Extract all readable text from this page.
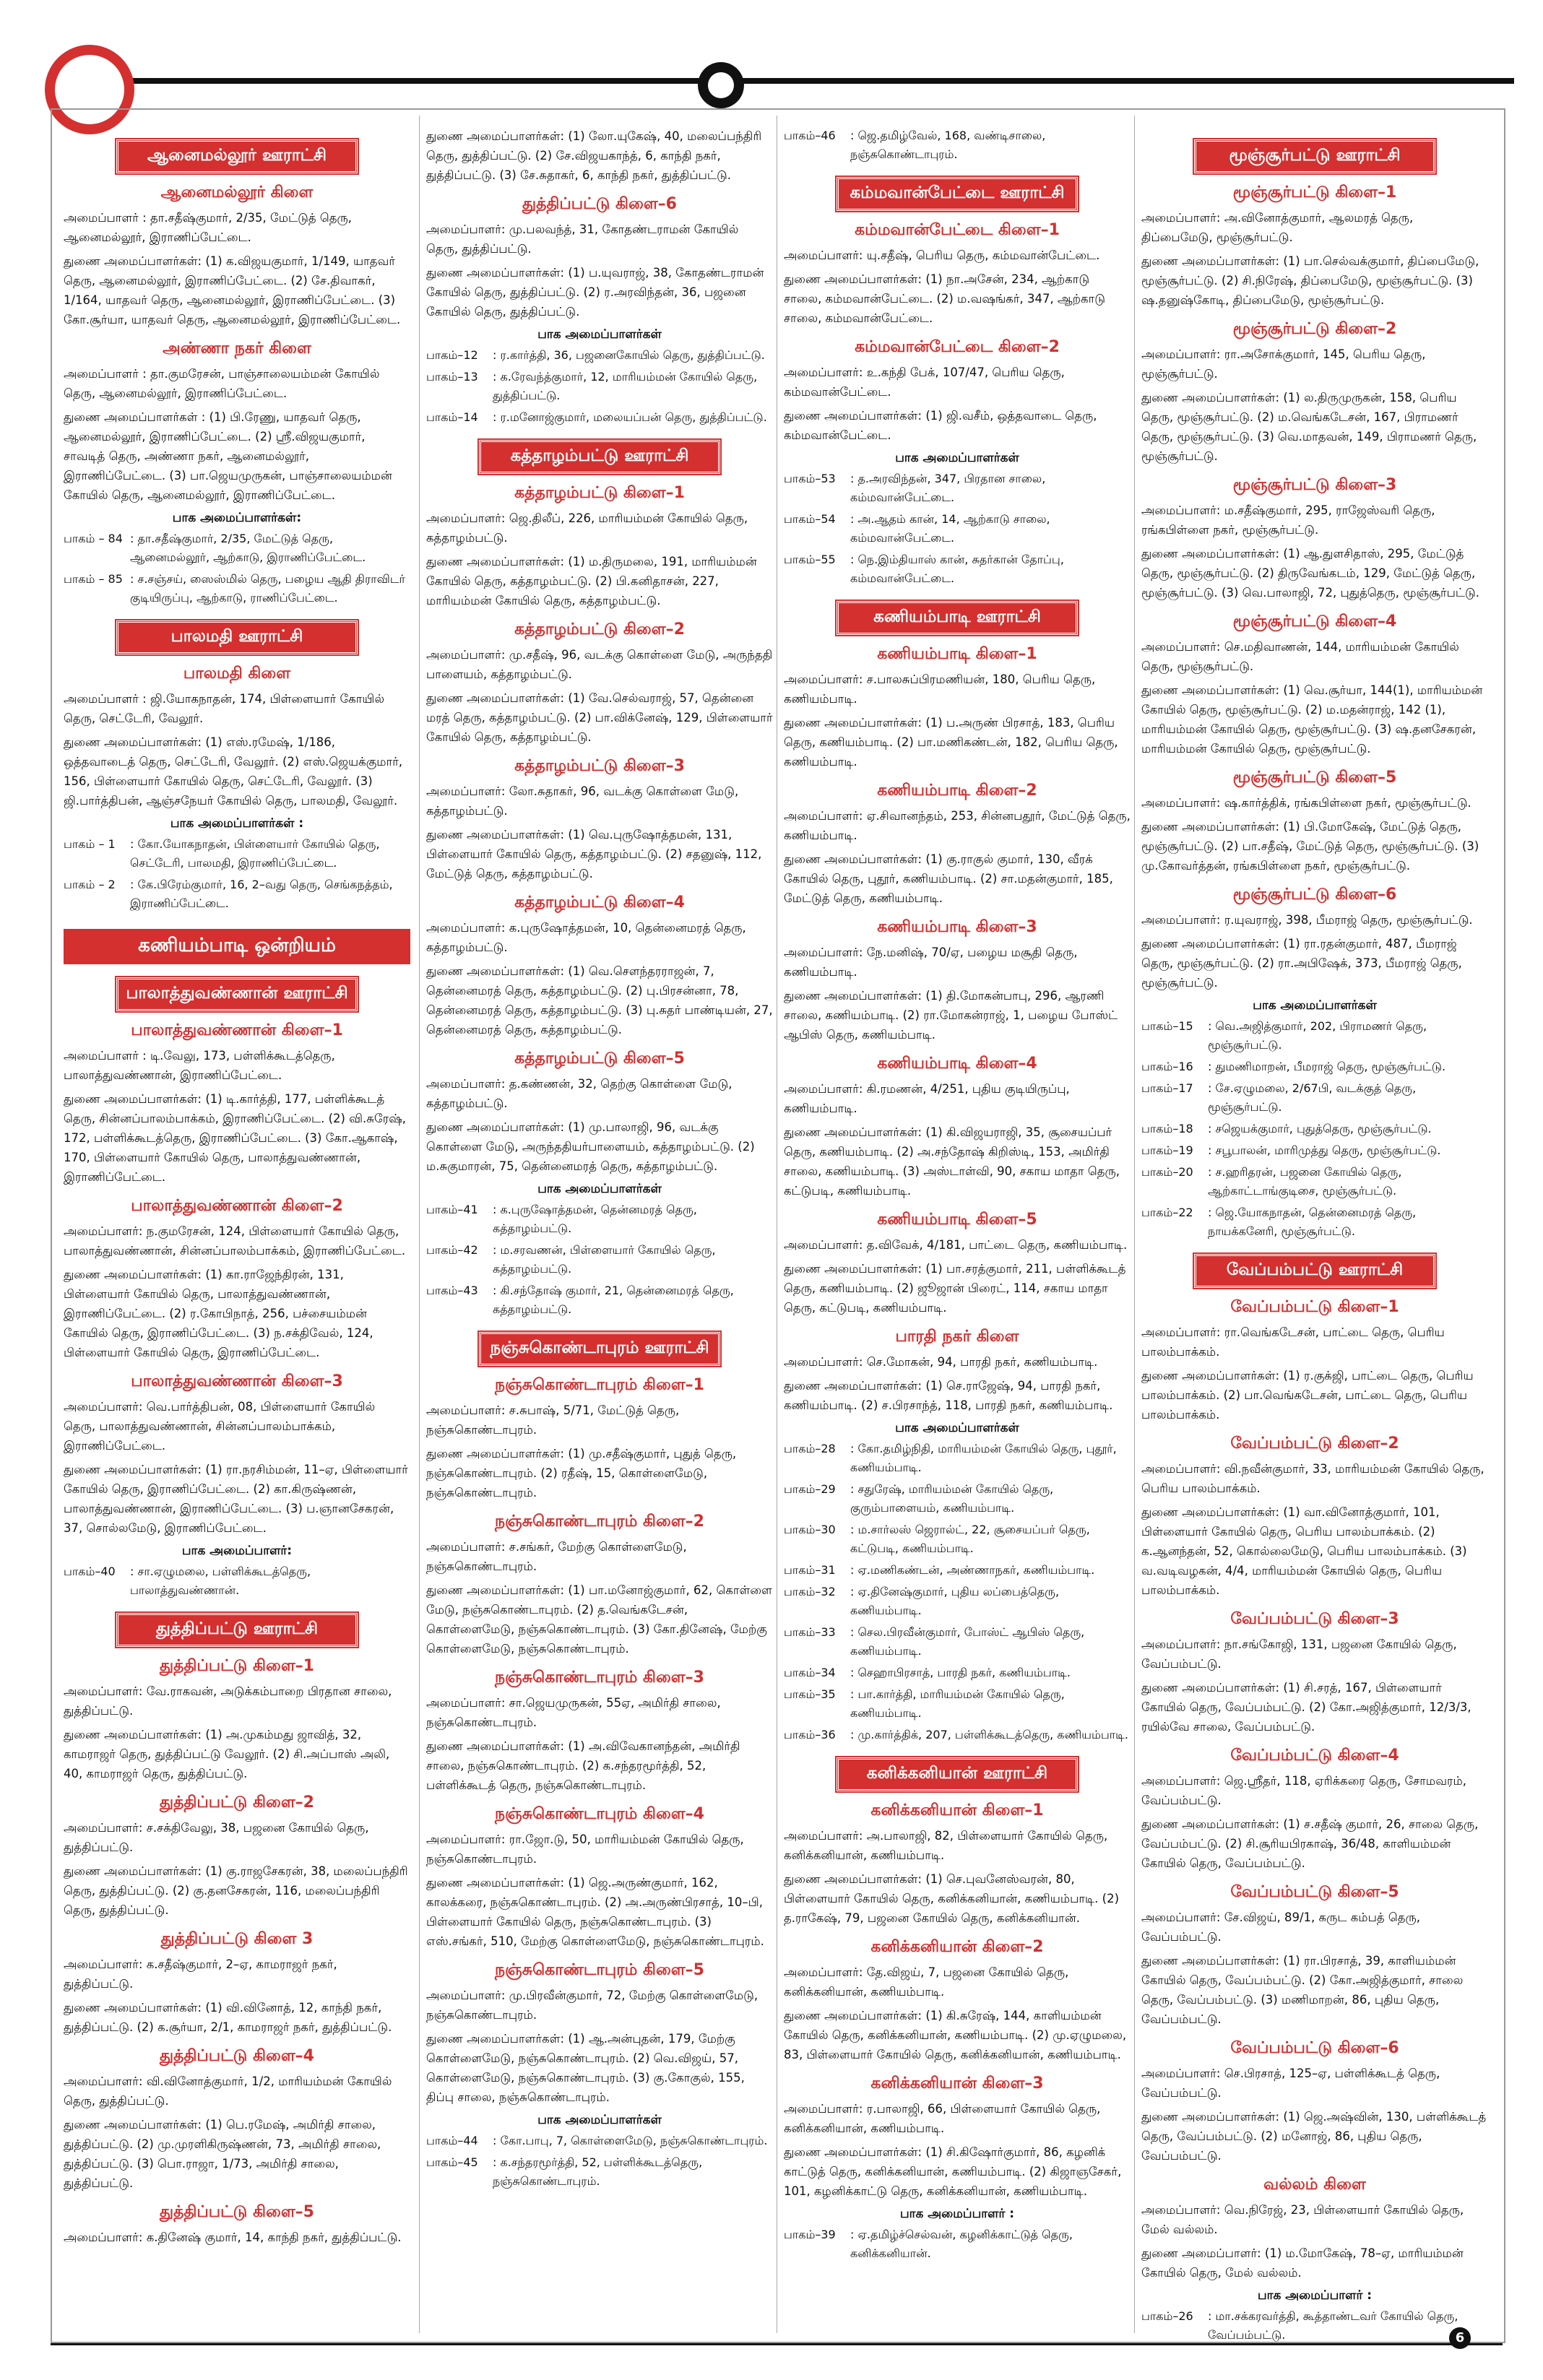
ஆனைமல்லூர் ஊராட்சி
ஆனைமல்லூர் கிளை

அமைப்பாளர் : தா.சதீஷ்குமார், 2/35, மேட்டுத் தெரு, ஆனைமல்லூர், இராணிப்பேட்டை.

துணை அமைப்பாளர்கள்: (1) க.விஜயகுமார், 1/149, யாதவர் தெரு, ஆனைமல்லூர், இராணிப்பேட்டை. (2) சே.திவாகர், 1/164, யாதவர் தெரு, ஆனைமல்லூர், இராணிப்பேட்டை. (3) கோ.சூர்யா, யாதவர் தெரு, ஆனைமல்லூர், இராணிப்பேட்டை.

அண்ணா நகர் கிளை

அமைப்பாளர் : தா.குமரேசன், பாஞ்சாலையம்மன் கோயில் தெரு, ஆனைமல்லூர், இராணிப்பேட்டை.

துணை அமைப்பாளர்கள் : (1) பி.ரேணு, யாதவர் தெரு, ஆனைமல்லூர், இராணிப்பேட்டை. (2) ஸ்ரீ.விஜயகுமார், சாவடித் தெரு, அண்ணா நகர், ஆனைமல்லூர், இராணிப்பேட்டை. (3) பா.ஜெயமுருகன், பாஞ்சாலையம்மன் கோயில் தெரு, ஆனைமல்லூர், இராணிப்பேட்டை.

பாக அமைப்பாளர்கள்:
பாகம் – 84 : தா.சதீஷ்குமார், 2/35, மேட்டுத் தெரு, ஆனைமல்லூர், ஆற்காடு, இராணிப்பேட்டை.
பாகம் – 85 : ச.சஞ்சய், ஸைஸ்மில் தெரு, பழைய ஆதி திராவிடர் குடியிருப்பு, ஆற்காடு, ராணிப்பேட்டை.
பாலமதி ஊராட்சி
பாலமதி கிளை

அமைப்பாளர் : ஜி.யோகநாதன், 174, பிள்ளையார் கோயில் தெரு, செட்டேரி, வேலூர்.

துணை அமைப்பாளர்கள்: (1) எஸ்.ரமேஷ், 1/186, ஒத்தவாடைத் தெரு, செட்டேரி, வேலூர். (2) எஸ்.ஜெயக்குமார், 156, பிள்ளையார் கோயில் தெரு, செட்டேரி, வேலூர். (3) ஜி.பார்த்திபன், ஆஞ்சநேயர் கோயில் தெரு, பாலமதி, வேலூர்.

பாக அமைப்பாளர்கள் :
பாகம் – 1	: கோ.யோகநாதன், பிள்ளையார் கோயில் தெரு, செட்டேரி, பாலமதி, இராணிப்பேட்டை.
பாகம் – 2	: கே.பிரேம்குமார், 16, 2–வது தெரு, செங்கநத்தம், இராணிப்பேட்டை.
கணியம்பாடி ஒன்றியம்
பாலாத்துவண்ணான் ஊராட்சி
பாலாத்துவண்ணான் கிளை–1

அமைப்பாளர் : டி.வேலு, 173, பள்ளிக்கூடத்தெரு, பாலாத்துவண்ணான், இராணிப்பேட்டை.

துணை அமைப்பாளர்கள்: (1) டி.கார்த்தி, 177, பள்ளிக்கூடத் தெரு, சின்னப்பாலம்பாக்கம், இராணிப்பேட்டை. (2) வி.சுரேஷ், 172, பள்ளிக்கூடத்தெரு, இராணிப்பேட்டை. (3) கோ.ஆகாஷ், 170, பிள்ளையார் கோயில் தெரு, பாலாத்துவண்ணான், இராணிப்பேட்டை.

பாலாத்துவண்ணான் கிளை–2

அமைப்பாளர்: ந.குமரேசன், 124, பிள்ளையார் கோயில் தெரு, பாலாத்துவண்ணான், சின்னப்பாலம்பாக்கம், இராணிப்பேட்டை.

துணை அமைப்பாளர்கள்: (1) கா.ராஜேந்திரன், 131, பிள்ளையார் கோயில் தெரு, பாலாத்துவண்ணான், இராணிப்பேட்டை. (2) ர.கோபிநாத், 256, பச்சையம்மன் கோயில் தெரு, இராணிப்பேட்டை. (3) ந.சக்திவேல், 124, பிள்ளையார் கோயில் தெரு, இராணிப்பேட்டை.

பாலாத்துவண்ணான் கிளை–3

அமைப்பாளர்: வெ.பார்த்திபன், 08, பிள்ளையார் கோயில் தெரு, பாலாத்துவண்ணான், சின்னப்பாலம்பாக்கம், இராணிப்பேட்டை.

துணை அமைப்பாளர்கள்: (1) ரா.நரசிம்மன், 11–ஏ, பிள்ளையார் கோயில் தெரு, இராணிப்பேட்டை. (2) கா.கிருஷ்ணன், பாலாத்துவண்ணான், இராணிப்பேட்டை. (3) ப.ஞானசேகரன், 37, சொல்லமேடு, இராணிப்பேட்டை.

பாக அமைப்பாளர்:
பாகம்–40	: சா.ஏழுமலை, பள்ளிக்கூடத்தெரு, பாலாத்துவண்ணான்.
துத்திப்பட்டு ஊராட்சி
துத்திப்பட்டு கிளை–1

அமைப்பாளர்: வே.ராகவன், அடுக்கம்பாறை பிரதான சாலை, துத்திப்பட்டு.

துணை அமைப்பாளர்கள்: (1) அ.முகம்மது ஜாவித், 32, காமராஜர் தெரு, துத்திப்பட்டு வேலூர். (2) சி.அப்பாஸ் அலி, 40, காமராஜர் தெரு, துத்திப்பட்டு.

துத்திப்பட்டு கிளை–2

அமைப்பாளர்: ச.சக்திவேலு, 38, பஜனை கோயில் தெரு, துத்திப்பட்டு.

துணை அமைப்பாளர்கள்: (1) கு.ராஜசேகரன், 38, மலைப்பந்திரி தெரு, துத்திப்பட்டு. (2) கு.தனசேகரன், 116, மலைப்பந்திரி தெரு, துத்திப்பட்டு.

துத்திப்பட்டு கிளை 3

அமைப்பாளர்: க.சதீஷ்குமார், 2–ஏ, காமராஜர் நகர், துத்திப்பட்டு.

துணை அமைப்பாளர்கள்: (1) வி.வினோத், 12, காந்தி நகர், துத்திப்பட்டு. (2) க.சூர்யா, 2/1, காமராஜர் நகர், துத்திப்பட்டு.

துத்திப்பட்டு கிளை–4

அமைப்பாளர்: வி.வினோத்குமார், 1/2, மாரியம்மன் கோயில் தெரு, துத்திப்பட்டு.

துணை அமைப்பாளர்கள்: (1) பெ.ரமேஷ், அமிர்தி சாலை, துத்திப்பட்டு. (2) மு.முரளிகிருஷ்ணன், 73, அமிர்தி சாலை, துத்திப்பட்டு. (3) பொ.ராஜா, 1/73, அமிர்தி சாலை, துத்திப்பட்டு.

துத்திப்பட்டு கிளை–5

அமைப்பாளர்: க.தினேஷ் குமார், 14, காந்தி நகர், துத்திப்பட்டு.

துணை அமைப்பாளர்கள்: (1) லோ.யுகேஷ், 40, மலைப்பந்திரி தெரு, துத்திப்பட்டு. (2) சே.விஜயகாந்த், 6, காந்தி நகர், துத்திப்பட்டு. (3) சே.சுதாகர், 6, காந்தி நகர், துத்திப்பட்டு.

துத்திப்பட்டு கிளை–6

அமைப்பாளர்: மு.பலவந்த், 31, கோதண்டராமன் கோயில் தெரு, துத்திப்பட்டு.

துணை அமைப்பாளர்கள்: (1) ப.யுவராஜ், 38, கோதண்டராமன் கோயில் தெரு, துத்திப்பட்டு. (2) ர.அரவிந்தன், 36, பஜனை கோயில் தெரு, துத்திப்பட்டு.

பாக அமைப்பாளர்கள்
பாகம்–12	: ர.கார்த்தி, 36, பஜனைகோயில் தெரு, துத்திப்பட்டு.
பாகம்–13	: க.ரேவந்த்குமார், 12, மாரியம்மன் கோயில் தெரு, துத்திப்பட்டு.
பாகம்–14	: ர.மனோஜ்குமார், மலையப்பன் தெரு, துத்திப்பட்டு.
கத்தாழம்பட்டு ஊராட்சி
கத்தாழம்பட்டு கிளை–1

அமைப்பாளர்: ஜெ.திலீப், 226, மாரியம்மன் கோயில் தெரு, கத்தாழம்பட்டு.

துணை அமைப்பாளர்கள்: (1) ம.திருமலை, 191, மாரியம்மன் கோயில் தெரு, கத்தாழம்பட்டு. (2) பி.கனிதாசன், 227, மாரியம்மன் கோயில் தெரு, கத்தாழம்பட்டு.

கத்தாழம்பட்டு கிளை–2

அமைப்பாளர்: மு.சதீஷ், 96, வடக்கு கொள்ளை மேடு, அருந்ததி பாளையம், கத்தாழம்பட்டு.

துணை அமைப்பாளர்கள்: (1) வே.செல்வராஜ், 57, தென்னை மரத் தெரு, கத்தாழம்பட்டு. (2) பா.விக்னேஷ், 129, பிள்ளையார் கோயில் தெரு, கத்தாழம்பட்டு.

கத்தாழம்பட்டு கிளை–3

அமைப்பாளர்: லோ.சுதாகர், 96, வடக்கு கொள்ளை மேடு, கத்தாழம்பட்டு.

துணை அமைப்பாளர்கள்: (1) வெ.புருஷோத்தமன், 131, பிள்ளையார் கோயில் தெரு, கத்தாழம்பட்டு. (2) சதனுஷ், 112, மேட்டுத் தெரு, கத்தாழம்பட்டு.

கத்தாழம்பட்டு கிளை–4

அமைப்பாளர்: க.புருஷோத்தமன், 10, தென்னைமரத் தெரு, கத்தாழம்பட்டு.

துணை அமைப்பாளர்கள்: (1) வெ.சௌந்தரராஜன், 7, தென்னைமரத் தெரு, கத்தாழம்பட்டு. (2) பு.பிரசன்னா, 78, தென்னைமரத் தெரு, கத்தாழம்பட்டு. (3) பு.சுதர் பாண்டியன், 27, தென்னைமரத் தெரு, கத்தாழம்பட்டு.

கத்தாழம்பட்டு கிளை–5

அமைப்பாளர்: த.கண்ணன், 32, தெற்கு கொள்ளை மேடு, கத்தாழம்பட்டு.

துணை அமைப்பாளர்கள்: (1) மு.பாலாஜி, 96, வடக்கு கொள்ளை மேடு, அருந்ததியர்பாளையம், கத்தாழம்பட்டு. (2) ம.சுகுமாரன், 75, தென்னைமரத் தெரு, கத்தாழம்பட்டு.

பாக அமைப்பாளர்கள்
பாகம்–41	: க.புருஷோத்தமன், தென்னமரத் தெரு, கத்தாழம்பட்டு.
பாகம்–42	: ம.சரவணன், பிள்ளையார் கோயில் தெரு, கத்தாழம்பட்டு.
பாகம்–43	: கி.சந்தோஷ் குமார், 21, தென்னைமரத் தெரு, கத்தாழம்பட்டு.
நஞ்சுகொண்டாபுரம் ஊராட்சி
நஞ்சுகொண்டாபுரம் கிளை–1

அமைப்பாளர்: ச.சுபாஷ், 5/71, மேட்டுத் தெரு, நஞ்சுகொண்டாபுரம்.

துணை அமைப்பாளர்கள்: (1) மு.சதீஷ்குமார், புதுத் தெரு, நஞ்சுகொண்டாபுரம். (2) ரதீஷ், 15, கொள்ளைமேடு, நஞ்சுகொண்டாபுரம்.

நஞ்சுகொண்டாபுரம் கிளை–2

அமைப்பாளர்: ச.சங்கர், மேற்கு கொள்ளைமேடு, நஞ்சுகொண்டாபுரம்.

துணை அமைப்பாளர்கள்: (1) பா.மனோஜ்குமார், 62, கொள்ளை மேடு, நஞ்சுகொண்டாபுரம். (2) த.வெங்கடேசன், கொள்ளைமேடு, நஞ்சுகொண்டாபுரம். (3) கோ.தினேஷ், மேற்கு கொள்ளைமேடு, நஞ்சுகொண்டாபுரம்.

நஞ்சுகொண்டாபுரம் கிளை–3

அமைப்பாளர்: சா.ஜெயமுருகன், 55ஏ, அமிர்தி சாலை, நஞ்சுகொண்டாபுரம்.

துணை அமைப்பாளர்கள்: (1) அ.விவேகானந்தன், அமிர்தி சாலை, நஞ்சுகொண்டாபுரம். (2) க.சந்தரமூர்த்தி, 52, பள்ளிக்கூடத் தெரு, நஞ்சுகொண்டாபுரம்.

நஞ்சுகொண்டாபுரம் கிளை–4

அமைப்பாளர்: ரா.ஜோ.டு, 50, மாரியம்மன் கோயில் தெரு, நஞ்சுகொண்டாபுரம்.

துணை அமைப்பாளர்கள்: (1) ஜெ.அருண்குமார், 162, காலக்கரை, நஞ்சுகொண்டாபுரம். (2) அ.அருண்பிரசாத், 10–பி, பிள்ளையார் கோயில் தெரு, நஞ்சுகொண்டாபுரம். (3) எஸ்.சங்கர், 510, மேற்கு கொள்ளைமேடு, நஞ்சுகொண்டாபுரம்.

நஞ்சுகொண்டாபுரம் கிளை–5

அமைப்பாளர்: மு.பிரவீன்குமார், 72, மேற்கு கொள்ளைமேடு, நஞ்சுகொண்டாபுரம்.

துணை அமைப்பாளர்கள்: (1) ஆ.அன்புதன், 179, மேற்கு கொள்ளைமேடு, நஞ்சுகொண்டாபுரம். (2) வெ.விஜய், 57, கொள்ளைமேடு, நஞ்சுகொண்டாபுரம். (3) கு.கோகுல், 155, திப்பு சாலை, நஞ்சுகொண்டாபுரம்.

பாக அமைப்பாளர்கள்
பாகம்–44	: கோ.பாபு, 7, கொள்ளைமேடு, நஞ்சுகொண்டாபுரம்.
பாகம்–45	: க.சந்தரமூர்த்தி, 52, பள்ளிக்கூடத்தெரு, நஞ்சுகொண்டாபுரம்.
பாகம்–46	: ஜெ.தமிழ்வேல், 168, வண்டிசாலை, நஞ்சுகொண்டாபுரம்.
கம்மவான்பேட்டை ஊராட்சி
கம்மவான்பேட்டை கிளை–1

அமைப்பாளர்: யு.சதீஷ், பெரிய தெரு, கம்மவான்பேட்டை.

துணை அமைப்பாளர்கள்: (1) நா.அசேன், 234, ஆற்காடு சாலை, கம்மவான்பேட்டை. (2) ம.வஷங்கர், 347, ஆற்காடு சாலை, கம்மவான்பேட்டை.

கம்மவான்பேட்டை கிளை–2

அமைப்பாளர்: உ.கந்தி பேக், 107/47, பெரிய தெரு, கம்மவான்பேட்டை.

துணை அமைப்பாளர்கள்: (1) ஜி.வசீம், ஒத்தவாடை தெரு, கம்மவான்பேட்டை.

பாக அமைப்பாளர்கள்
பாகம்–53	: த.அரவிந்தன், 347, பிரதான சாலை, கம்மவான்பேட்டை.
பாகம்–54	: அ.ஆதம் கான், 14, ஆற்காடு சாலை, கம்மவான்பேட்டை.
பாகம்–55	: நெ.இம்தியாஸ் கான், சுதர்கான் தோப்பு, கம்மவான்பேட்டை.
கணியம்பாடி ஊராட்சி
கணியம்பாடி கிளை–1

அமைப்பாளர்: ச.பாலசுப்பிரமணியன், 180, பெரிய தெரு, கணியம்பாடி.

துணை அமைப்பாளர்கள்: (1) ப.அருண் பிரசாத், 183, பெரிய தெரு, கணியம்பாடி. (2) பா.மணிகண்டன், 182, பெரிய தெரு, கணியம்பாடி.

கணியம்பாடி கிளை–2

அமைப்பாளர்: ஏ.சிவானந்தம், 253, சின்னபதூர், மேட்டுத் தெரு, கணியம்பாடி.

துணை அமைப்பாளர்கள்: (1) கு.ராகுல் குமார், 130, வீரக் கோயில் தெரு, புதூர், கணியம்பாடி. (2) சா.மதன்குமார், 185, மேட்டுத் தெரு, கணியம்பாடி.

கணியம்பாடி கிளை–3

அமைப்பாளர்: நே.மனிஷ், 70/ஏ, பழைய மசூதி தெரு, கணியம்பாடி.

துணை அமைப்பாளர்கள்: (1) தி.மோகன்பாபு, 296, ஆரணி சாலை, கணியம்பாடி. (2) ரா.மோகன்ராஜ், 1, பழைய போஸ்ட் ஆபிஸ் தெரு, கணியம்பாடி.

கணியம்பாடி கிளை–4

அமைப்பாளர்: கி.ரமணன், 4/251, புதிய குடியிருப்பு, கணியம்பாடி.

துணை அமைப்பாளர்கள்: (1) கி.விஜயராஜி, 35, சூசையப்பர் தெரு, கணியம்பாடி. (2) அ.சந்தோஷ் கிறிஸ்டி, 153, அமிர்தி சாலை, கணியம்பாடி. (3) அஸ்டாள்வி, 90, சகாய மாதா தெரு, கட்டுபடி, கணியம்பாடி.

கணியம்பாடி கிளை–5

அமைப்பாளர்: த.விவேக், 4/181, பாட்டை தெரு, கணியம்பாடி.

துணை அமைப்பாளர்கள்: (1) பா.சரத்குமார், 211, பள்ளிக்கூடத் தெரு, கணியம்பாடி. (2) ஜூஜான் பிரைட், 114, சகாய மாதா தெரு, கட்டுபடி, கணியம்பாடி.

பாரதி நகர் கிளை

அமைப்பாளர்: செ.மோகன், 94, பாரதி நகர், கணியம்பாடி.

துணை அமைப்பாளர்கள்: (1) செ.ராஜேஷ், 94, பாரதி நகர், கணியம்பாடி. (2) ச.பிரசாந்த், 118, பாரதி நகர், கணியம்பாடி.

பாக அமைப்பாளர்கள்
பாகம்–28	: கோ.தமிழ்நிதி, மாரியம்மன் கோயில் தெரு, புதூர், கணியம்பாடி.
பாகம்–29	: சதுரேஷ், மாரியம்மன் கோயில் தெரு, குரும்பாளையம், கணியம்பாடி.
பாகம்–30	: ம.சார்லஸ் ஜெரால்ட், 22, சூசையப்பர் தெரு, கட்டுபடி, கணியம்பாடி.
பாகம்–31	: ஏ.மணிகண்டன், அண்ணாநகர், கணியம்பாடி.
பாகம்–32	: ஏ.தினேஷ்குமார், புதிய லப்பைத்தெரு, கணியம்பாடி.
பாகம்–33	: செல.பிரவீன்குமார், போஸ்ட் ஆபிஸ் தெரு, கணியம்பாடி.
பாகம்–34	: செஹாபிரசாத், பாரதி நகர், கணியம்பாடி.
பாகம்–35	: பா.கார்த்தி, மாரியம்மன் கோயில் தெரு, கணியம்பாடி.
பாகம்–36	: மு.கார்த்திக், 207, பள்ளிக்கூடத்தெரு, கணியம்பாடி.
கனிக்கனியான் ஊராட்சி
கனிக்கனியான் கிளை–1

அமைப்பாளர்: அ.பாலாஜி, 82, பிள்ளையார் கோயில் தெரு, கனிக்கனியான், கணியம்பாடி.

துணை அமைப்பாளர்கள்: (1) செ.புவனேஸ்வரன், 80, பிள்ளையார் கோயில் தெரு, கனிக்கனியான், கணியம்பாடி. (2) த.ராகேஷ், 79, பஜனை கோயில் தெரு, கனிக்கனியான்.

கனிக்கனியான் கிளை–2

அமைப்பாளர்: தே.விஜய், 7, பஜனை கோயில் தெரு, கனிக்கனியான், கணியம்பாடி.

துணை அமைப்பாளர்கள்: (1) கி.சுரேஷ், 144, காளியம்மன் கோயில் தெரு, கனிக்கனியான், கணியம்பாடி. (2) மு.ஏழுமலை, 83, பிள்ளையார் கோயில் தெரு, கனிக்கனியான், கணியம்பாடி.

கனிக்கனியான் கிளை–3

அமைப்பாளர்: ர.பாலாஜி, 66, பிள்ளையார் கோயில் தெரு, கனிக்கனியான், கணியம்பாடி.

துணை அமைப்பாளர்கள்: (1) சி.கிஷோர்குமார், 86, கழனிக் காட்டுத் தெரு, கனிக்கனியான், கணியம்பாடி. (2) கிஜாஞசேகர், 101, கழனிக்காட்டு தெரு, கனிக்கனியான், கணியம்பாடி.

பாக அமைப்பாளர் :
பாகம்–39	: ஏ.தமிழ்ச்செல்வன், கழனிக்காட்டுத் தெரு, கனிக்கனியான்.
மூஞ்சூர்பட்டு ஊராட்சி
மூஞ்சூர்பட்டு கிளை–1

அமைப்பாளர்: அ.வினோத்குமார், ஆலமரத் தெரு, திப்பைமேடு, மூஞ்சூர்பட்டு.

துணை அமைப்பாளர்கள்: (1) பா.செல்வக்குமார், திப்பைமேடு, மூஞ்சூர்பட்டு. (2) சி.நிரேஷ், திப்பைமேடு, மூஞ்சூர்பட்டு. (3) ஷ.தனுஷ்கோடி, திப்பைமேடு, மூஞ்சூர்பட்டு.

மூஞ்சூர்பட்டு கிளை–2

அமைப்பாளர்: ரா.அசோக்குமார், 145, பெரிய தெரு, மூஞ்சூர்பட்டு.

துணை அமைப்பாளர்கள்: (1) ல.திருமுருகன், 158, பெரிய தெரு, மூஞ்சூர்பட்டு. (2) ம.வெங்கடேசன், 167, பிராமணர் தெரு, மூஞ்சூர்பட்டு. (3) வெ.மாதவன், 149, பிராமணர் தெரு, மூஞ்சூர்பட்டு.

மூஞ்சூர்பட்டு கிளை–3

அமைப்பாளர்: ம.சதீஷ்குமார், 295, ராஜேஸ்வரி தெரு, ரங்கபிள்ளை நகர், மூஞ்சூர்பட்டு.

துணை அமைப்பாளர்கள்: (1) ஆ.துளசிதாஸ், 295, மேட்டுத் தெரு, மூஞ்சூர்பட்டு. (2) திருவேங்கடம், 129, மேட்டுத் தெரு, மூஞ்சூர்பட்டு. (3) வெ.பாலாஜி, 72, புதுத்தெரு, மூஞ்சூர்பட்டு.

மூஞ்சூர்பட்டு கிளை–4

அமைப்பாளர்: செ.மதிவாணன், 144, மாரியம்மன் கோயில் தெரு, மூஞ்சூர்பட்டு.

துணை அமைப்பாளர்கள்: (1) வெ.சூர்யா, 144(1), மாரியம்மன் கோயில் தெரு, மூஞ்சூர்பட்டு. (2) ம.மதன்ராஜ், 142 (1), மாரியம்மன் கோயில் தெரு, மூஞ்சூர்பட்டு. (3) ஷ.தனசேகரன், மாரியம்மன் கோயில் தெரு, மூஞ்சூர்பட்டு.

மூஞ்சூர்பட்டு கிளை–5

அமைப்பாளர்: ஷ.கார்த்திக், ரங்கபிள்ளை நகர், மூஞ்சூர்பட்டு.

துணை அமைப்பாளர்கள்: (1) பி.மோகேஷ், மேட்டுத் தெரு, மூஞ்சூர்பட்டு. (2) பா.சதீஷ், மேட்டுத் தெரு, மூஞ்சூர்பட்டு. (3) மு.கோவர்த்தன், ரங்கபிள்ளை நகர், மூஞ்சூர்பட்டு.

மூஞ்சூர்பட்டு கிளை–6

அமைப்பாளர்: ர.யுவராஜ், 398, பீமராஜ் தெரு, மூஞ்சூர்பட்டு.

துணை அமைப்பாளர்கள்: (1) ரா.ரதன்குமார், 487, பீமராஜ் தெரு, மூஞ்சூர்பட்டு. (2) ரா.அபிஷேக், 373, பீமராஜ் தெரு, மூஞ்சூர்பட்டு.

பாக அமைப்பாளர்கள்
பாகம்–15	: வெ.அஜித்குமார், 202, பிராமணர் தெரு, மூஞ்சூர்பட்டு.
பாகம்–16	: துமணிமாறன், பீமராஜ் தெரு, மூஞ்சூர்பட்டு.
பாகம்–17	: சே.ஏழுமலை, 2/67பி, வடக்குத் தெரு, மூஞ்சூர்பட்டு.
பாகம்–18	: சஜெயக்குமார், புதுத்தெரு, மூஞ்சூர்பட்டு.
பாகம்–19	: சபூபாலன், மாரிமுத்து தெரு, மூஞ்சூர்பட்டு.
பாகம்–20	: ச.ஹரிதரன், பஜனை கோயில் தெரு, ஆற்காட்டாங்குடிசை, மூஞ்சூர்பட்டு.
பாகம்–22	: ஜெ.யோகநாதன், தென்னைமரத் தெரு, நாயக்கனேரி, மூஞ்சூர்பட்டு.
வேப்பம்பட்டு ஊராட்சி
வேப்பம்பட்டு கிளை–1

அமைப்பாளர்: ரா.வெங்கடேசன், பாட்டை தெரு, பெரிய பாலம்பாக்கம்.

துணை அமைப்பாளர்கள்: (1) ர.குக்ஜி, பாட்டை தெரு, பெரிய பாலம்பாக்கம். (2) பா.வெங்கடேசன், பாட்டை தெரு, பெரிய பாலம்பாக்கம்.

வேப்பம்பட்டு கிளை–2

அமைப்பாளர்: வி.நவீன்குமார், 33, மாரியம்மன் கோயில் தெரு, பெரிய பாலம்பாக்கம்.

துணை அமைப்பாளர்கள்: (1) வா.வினோத்குமார், 101, பிள்ளையார் கோயில் தெரு, பெரிய பாலம்பாக்கம். (2) க.ஆனந்தன், 52, கொல்லைமேடு, பெரிய பாலம்பாக்கம். (3) வ.வடிவழகன், 4/4, மாரியம்மன் கோயில் தெரு, பெரிய பாலம்பாக்கம்.

வேப்பம்பட்டு கிளை–3

அமைப்பாளர்: நா.சங்கோஜி, 131, பஜனை கோயில் தெரு, வேப்பம்பட்டு.

துணை அமைப்பாளர்கள்: (1) சி.சரத், 167, பிள்ளையார் கோயில் தெரு, வேப்பம்பட்டு. (2) கோ.அஜித்குமார், 12/3/3, ரயில்வே சாலை, வேப்பம்பட்டு.

வேப்பம்பட்டு கிளை–4

அமைப்பாளர்: ஜெ.ஸ்ரீதர், 118, ஏரிக்கரை தெரு, சோமவரம், வேப்பம்பட்டு.

துணை அமைப்பாளர்கள்: (1) ச.சதீஷ் குமார், 26, சாலை தெரு, வேப்பம்பட்டு. (2) சி.சூரியபிரகாஷ், 36/48, காளியம்மன் கோயில் தெரு, வேப்பம்பட்டு.

வேப்பம்பட்டு கிளை–5

அமைப்பாளர்: சே.விஜய், 89/1, கருட கம்பத் தெரு, வேப்பம்பட்டு.

துணை அமைப்பாளர்கள்: (1) ரா.பிரசாத், 39, காளியம்மன் கோயில் தெரு, வேப்பம்பட்டு. (2) கோ.அஜித்குமார், சாலை தெரு, வேப்பம்பட்டு. (3) மணிமாறன், 86, புதிய தெரு, வேப்பம்பட்டு.

வேப்பம்பட்டு கிளை–6

அமைப்பாளர்: செ.பிரசாத், 125–ஏ, பள்ளிக்கூடத் தெரு, வேப்பம்பட்டு.

துணை அமைப்பாளர்கள்: (1) ஜெ.அஷ்வின், 130, பள்ளிக்கூடத் தெரு, வேப்பம்பட்டு. (2) மனோஜ், 86, புதிய தெரு, வேப்பம்பட்டு.

வல்லம் கிளை

அமைப்பாளர்: வெ.நிரேஜ், 23, பிள்ளையார் கோயில் தெரு, மேல் வல்லம்.

துணை அமைப்பாளர்: (1) ம.மோகேஷ், 78–ஏ, மாரியம்மன் கோயில் தெரு, மேல் வல்லம்.

பாக அமைப்பாளர் :
பாகம்–26	: மா.சக்கரவர்த்தி, கூத்தாண்டவர் கோயில் தெரு, வேப்பம்பட்டு.	6
